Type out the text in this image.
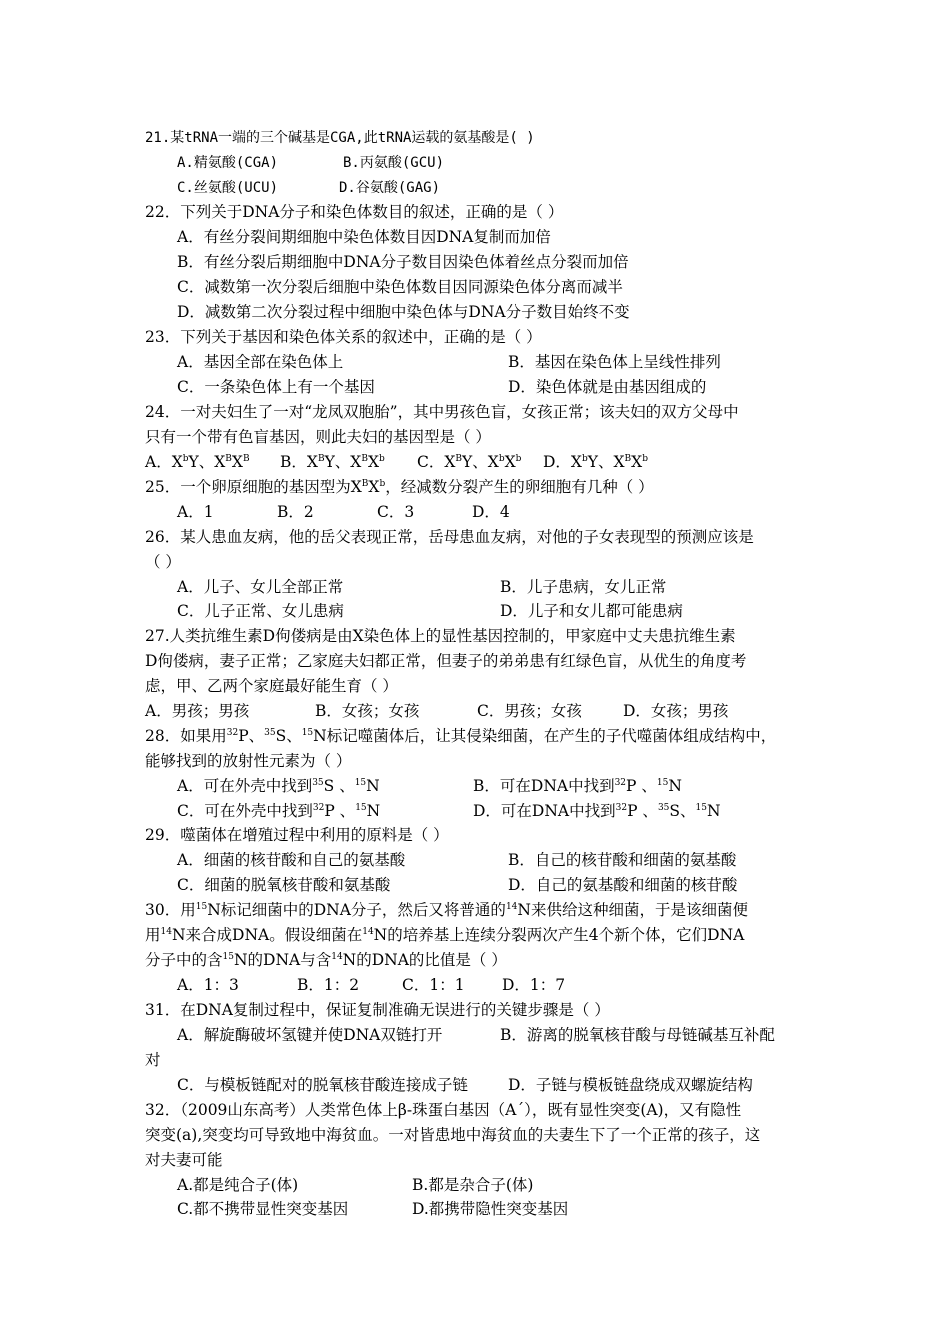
21.某tRNA一端的三个碱基是CGA,此tRNA运载的氨基酸是( )
A.精氨酸(CGA)	B.丙氨酸(GCU)
C.丝氨酸(UCU)	D.谷氨酸(GAG)
22．下列关于DNA分子和染色体数目的叙述，正确的是（ ）
A．有丝分裂间期细胞中染色体数目因DNA复制而加倍
B．有丝分裂后期细胞中DNA分子数目因染色体着丝点分裂而加倍
C．减数第一次分裂后细胞中染色体数目因同源染色体分离而减半
D．减数第二次分裂过程中细胞中染色体与DNA分子数目始终不变
23．下列关于基因和染色体关系的叙述中，正确的是（ ）
A．基因全部在染色体上	B．基因在染色体上呈线性排列
C．一条染色体上有一个基因	D．染色体就是由基因组成的
24．一对夫妇生了一对“龙凤双胞胎”，其中男孩色盲，女孩正常；该夫妇的双方父母中
只有一个带有色盲基因，则此夫妇的基因型是（ ）
A．$X^bY$、$X^BX^B$ B．$X^BY$、$X^BX^b$ C．$X^BY$、$X^bX^b$ D．$X^bY$、$X^BX^b$
25．一个卵原细胞的基因型为$X^BX^b$，经减数分裂产生的卵细胞有几种（ ）
A．1	B．2	C．3	D．4
26．某人患血友病，他的岳父表现正常，岳母患血友病，对他的子女表现型的预测应该是
（ ）
A．儿子、女儿全部正常	B．儿子患病，女儿正常
C．儿子正常、女儿患病	D．儿子和女儿都可能患病
27.人类抗维生素D佝偻病是由X染色体上的显性基因控制的，甲家庭中丈夫患抗维生素
D佝偻病，妻子正常；乙家庭夫妇都正常，但妻子的弟弟患有红绿色盲，从优生的角度考
虑，甲、乙两个家庭最好能生育（ ）
A．男孩；男孩	B．女孩；女孩	C．男孩；女孩	D．女孩；男孩
28．如果用$^{32}$P、$^{35}$S、$^{15}$N标记噬菌体后，让其侵染细菌，在产生的子代噬菌体组成结构中，
能够找到的放射性元素为（ ）
A．可在外壳中找到$^{35}$S 、$^{15}$N	B．可在DNA中找到$^{32}$P 、$^{15}$N
C．可在外壳中找到$^{32}$P 、$^{15}$N	D．可在DNA中找到$^{32}$P 、$^{35}$S、$^{15}$N
29．噬菌体在增殖过程中利用的原料是（ ）
A．细菌的核苷酸和自己的氨基酸	B．自己的核苷酸和细菌的氨基酸
C．细菌的脱氧核苷酸和氨基酸	D．自己的氨基酸和细菌的核苷酸
30．用$^{15}$N标记细菌中的DNA分子，然后又将普通的$^{14}$N来供给这种细菌，于是该细菌便
用$^{14}$N来合成DNA。假设细菌在$^{14}$N的培养基上连续分裂两次产生4个新个体，它们DNA
分子中的含$^{15}$N的DNA与含$^{14}$N的DNA的比值是（ ）
A．1：3	B．1：2	C．1：1 D．1：7
31．在DNA复制过程中，保证复制准确无误进行的关键步骤是（ ）
A．解旋酶破坏氢键并使DNA双链打开	B．游离的脱氧核苷酸与母链碱基互补配
对
C．与模板链配对的脱氧核苷酸连接成子链	D．子链与模板链盘绕成双螺旋结构
32．（2009山东高考）人类常色体上β-珠蛋白基因（A´），既有显性突变(A)，又有隐性
突变(a),突变均可导致地中海贫血。一对皆患地中海贫血的夫妻生下了一个正常的孩子，这
对夫妻可能
A.都是纯合子(体)	B.都是杂合子(体)
C.都不携带显性突变基因	D.都携带隐性突变基因
